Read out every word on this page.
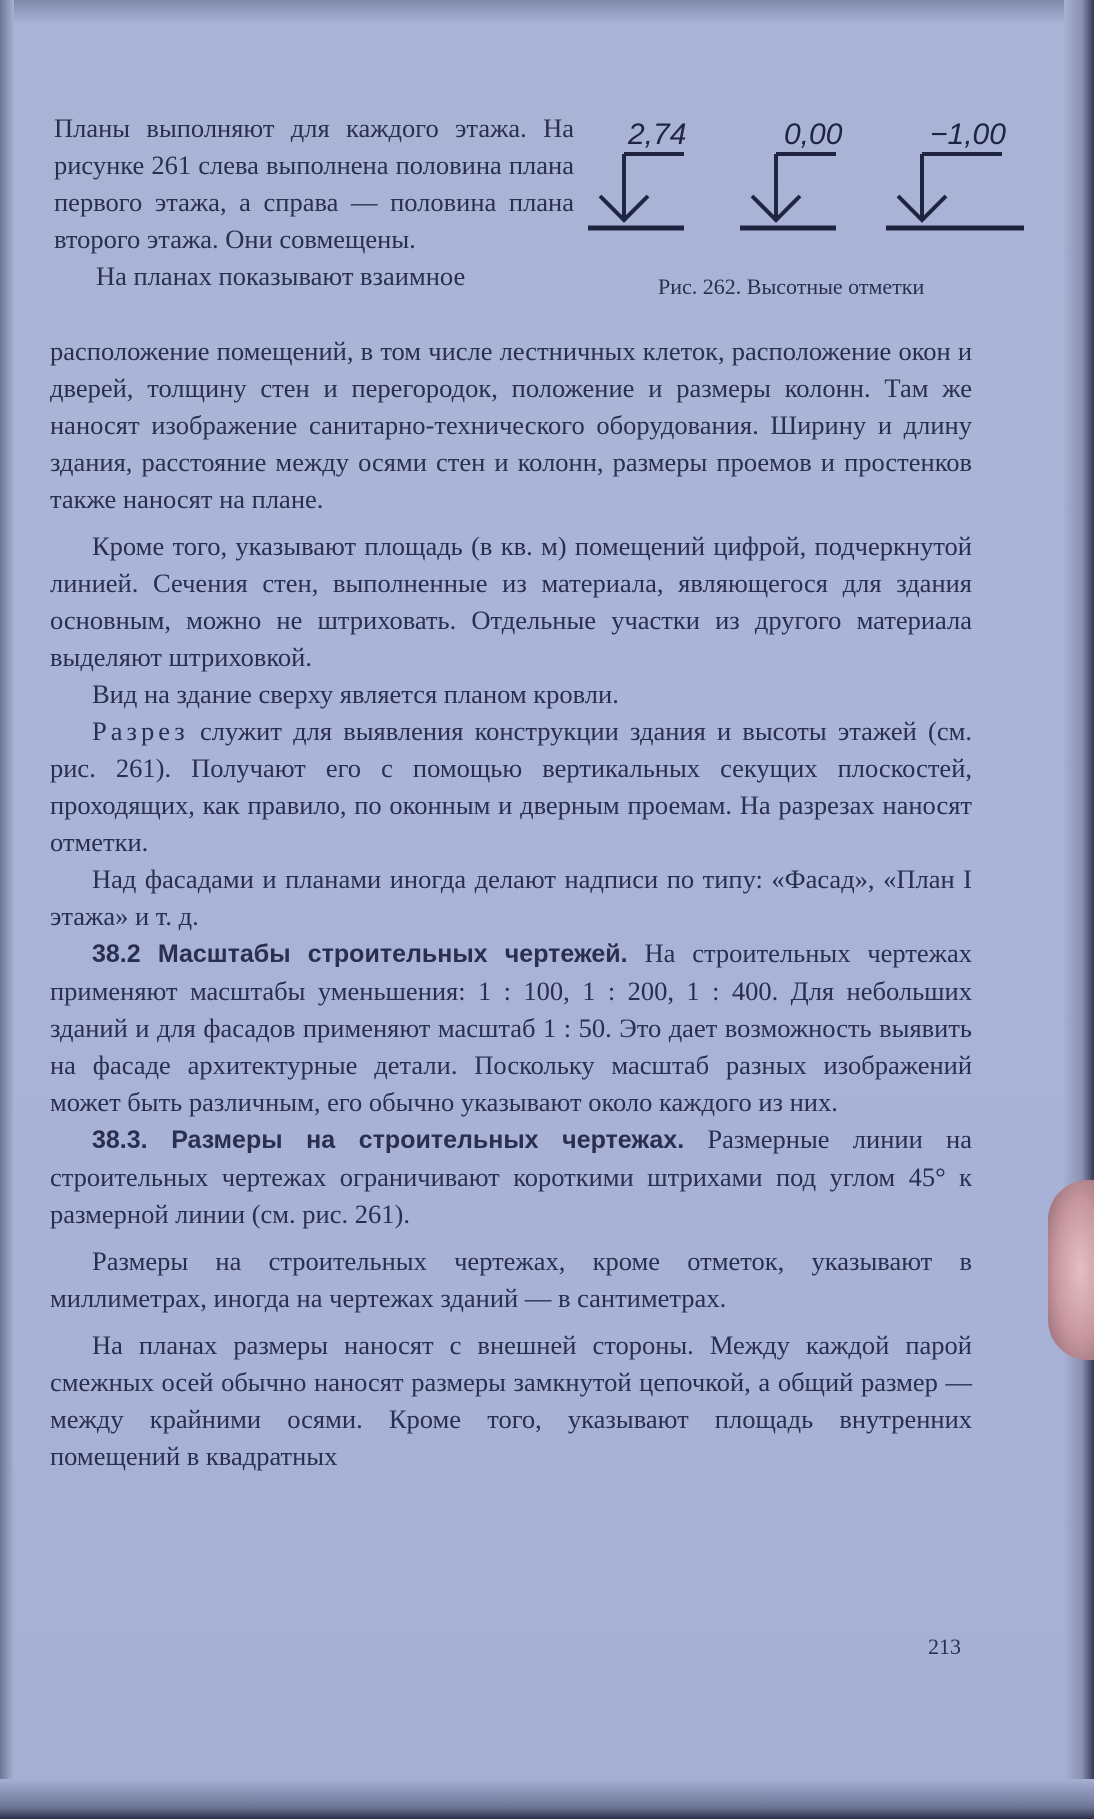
2,74	0,00	−1,00
Рис. 262. Высотные отметки

Планы выполняют для каждого этажа. На рисунке 261 слева выполнена половина плана первого этажа, а справа — половина плана второго этажа. Они совмещены.

На планах показывают взаимное

расположение помещений, в том числе лестничных клеток, расположение окон и дверей, толщину стен и перегородок, положение и размеры колонн. Там же наносят изображение санитарно-технического оборудования. Ширину и длину здания, расстояние между осями стен и колонн, размеры проемов и простенков также наносят на плане.

Кроме того, указывают площадь (в кв. м) помещений цифрой, подчеркнутой линией. Сечения стен, выполненные из материала, являющегося для здания основным, можно не штриховать. Отдельные участки из другого материала выделяют штриховкой.

Вид на здание сверху является планом кровли.

Разрез служит для выявления конструкции здания и высоты этажей (см. рис. 261). Получают его с помощью вертикальных секущих плоскостей, проходящих, как правило, по оконным и дверным проемам. На разрезах наносят отметки.

Над фасадами и планами иногда делают надписи по типу: «Фасад», «План I этажа» и т. д.

38.2 Масштабы строительных чертежей. На строительных чертежах применяют масштабы уменьшения: 1 : 100, 1 : 200, 1 : 400. Для небольших зданий и для фасадов применяют масштаб 1 : 50. Это дает возможность выявить на фасаде архитектурные детали. Поскольку масштаб разных изображений может быть различным, его обычно указывают около каждого из них.

38.3. Размеры на строительных чертежах. Размерные линии на строительных чертежах ограничивают короткими штрихами под углом 45° к размерной линии (см. рис. 261).

Размеры на строительных чертежах, кроме отметок, указывают в миллиметрах, иногда на чертежах зданий — в сантиметрах.

На планах размеры наносят с внешней стороны. Между каждой парой смежных осей обычно наносят размеры замкнутой цепочкой, а общий размер — между крайними осями. Кроме того, указывают площадь внутренних помещений в квадратных

213
